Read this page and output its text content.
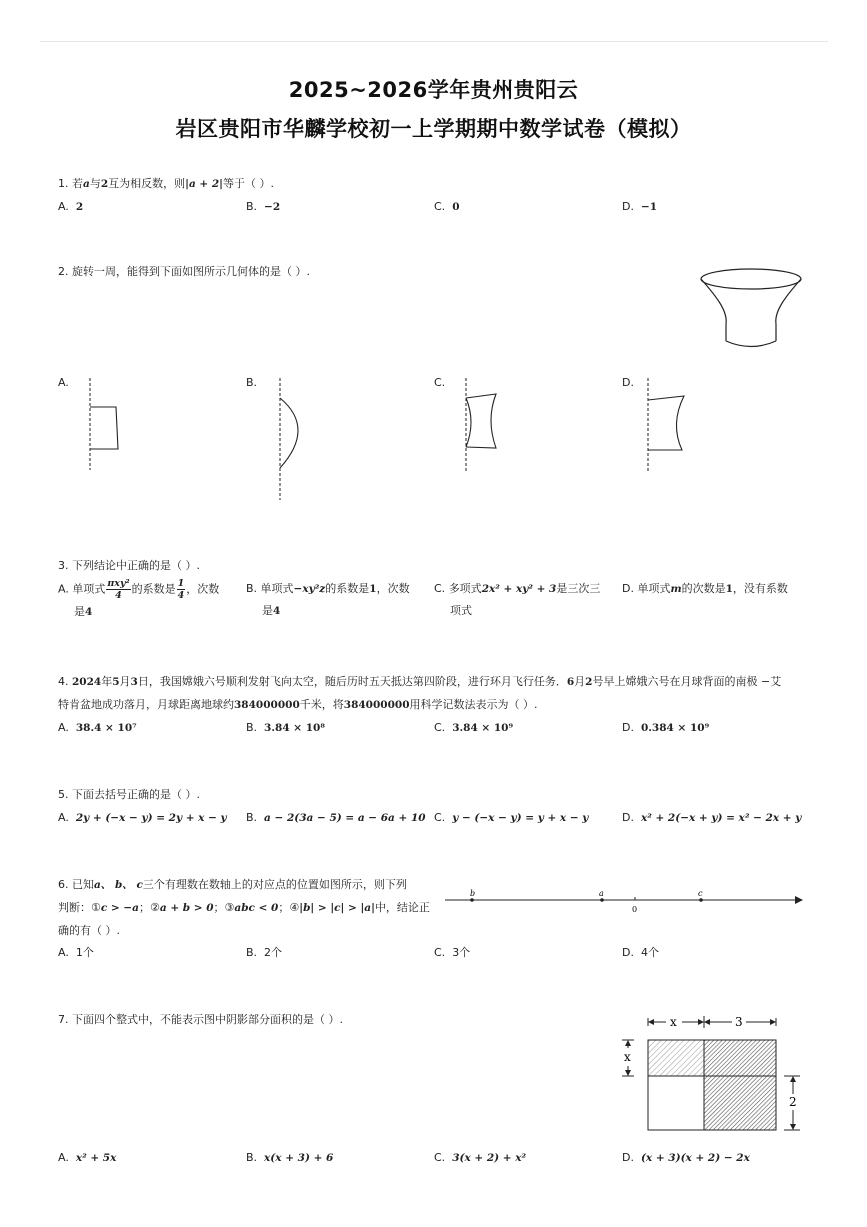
2025~2026学年贵州贵阳云
岩区贵阳市华麟学校初一上学期期中数学试卷（模拟）
1. 若a与2互为相反数，则|a + 2|等于（ ）.
A. 2	B. −2	C. 0	D. −1
2. 旋转一周，能得到下面如图所示几何体的是（ ）.
A.	B.	C.	D.
3. 下列结论中正确的是（ ）.
A. 单项式 $\frac{\text{πxy²}}{4}$ 的系数是 $\frac{1}{4}$ ，次数
是4
B. 单项式−xy²z的系数是1，次数
是4
C. 多项式2x² + xy² + 3是三次三
项式
D. 单项式m的次数是1，没有系数
4. 2024年5月3日，我国嫦娥六号顺利发射飞向太空，随后历时五天抵达第四阶段，进行环月飞行任务．6月2号早上嫦娥六号在月球背面的南极 −艾
特肯盆地成功落月，月球距离地球约384000000千米，将384000000用科学记数法表示为（ ）.
A. 38.4 × 10⁷	B. 3.84 × 10⁸	C. 3.84 × 10⁹	D. 0.384 × 10⁹
5. 下面去括号正确的是（ ）.
A. 2y + (−x − y) = 2y + x − y B. a − 2(3a − 5) = a − 6a + 10 C. y − (−x − y) = y + x − y	D. x² + 2(−x + y) = x² − 2x + y
6. 已知a、 b、 c三个有理数在数轴上的对应点的位置如图所示，则下列
判断：①c > −a；②a + b > 0；③abc < 0；④|b| > |c| > |a|中，结论正
确的有（ ）.
b	a
0
c
A. 1个	B. 2个	C. 3个	D. 4个
7. 下面四个整式中，不能表示图中阴影部分面积的是（ ）.	x	3
x
2
A. x² + 5x	B. x(x + 3) + 6	C. 3(x + 2) + x²	D. (x + 3)(x + 2) − 2x
